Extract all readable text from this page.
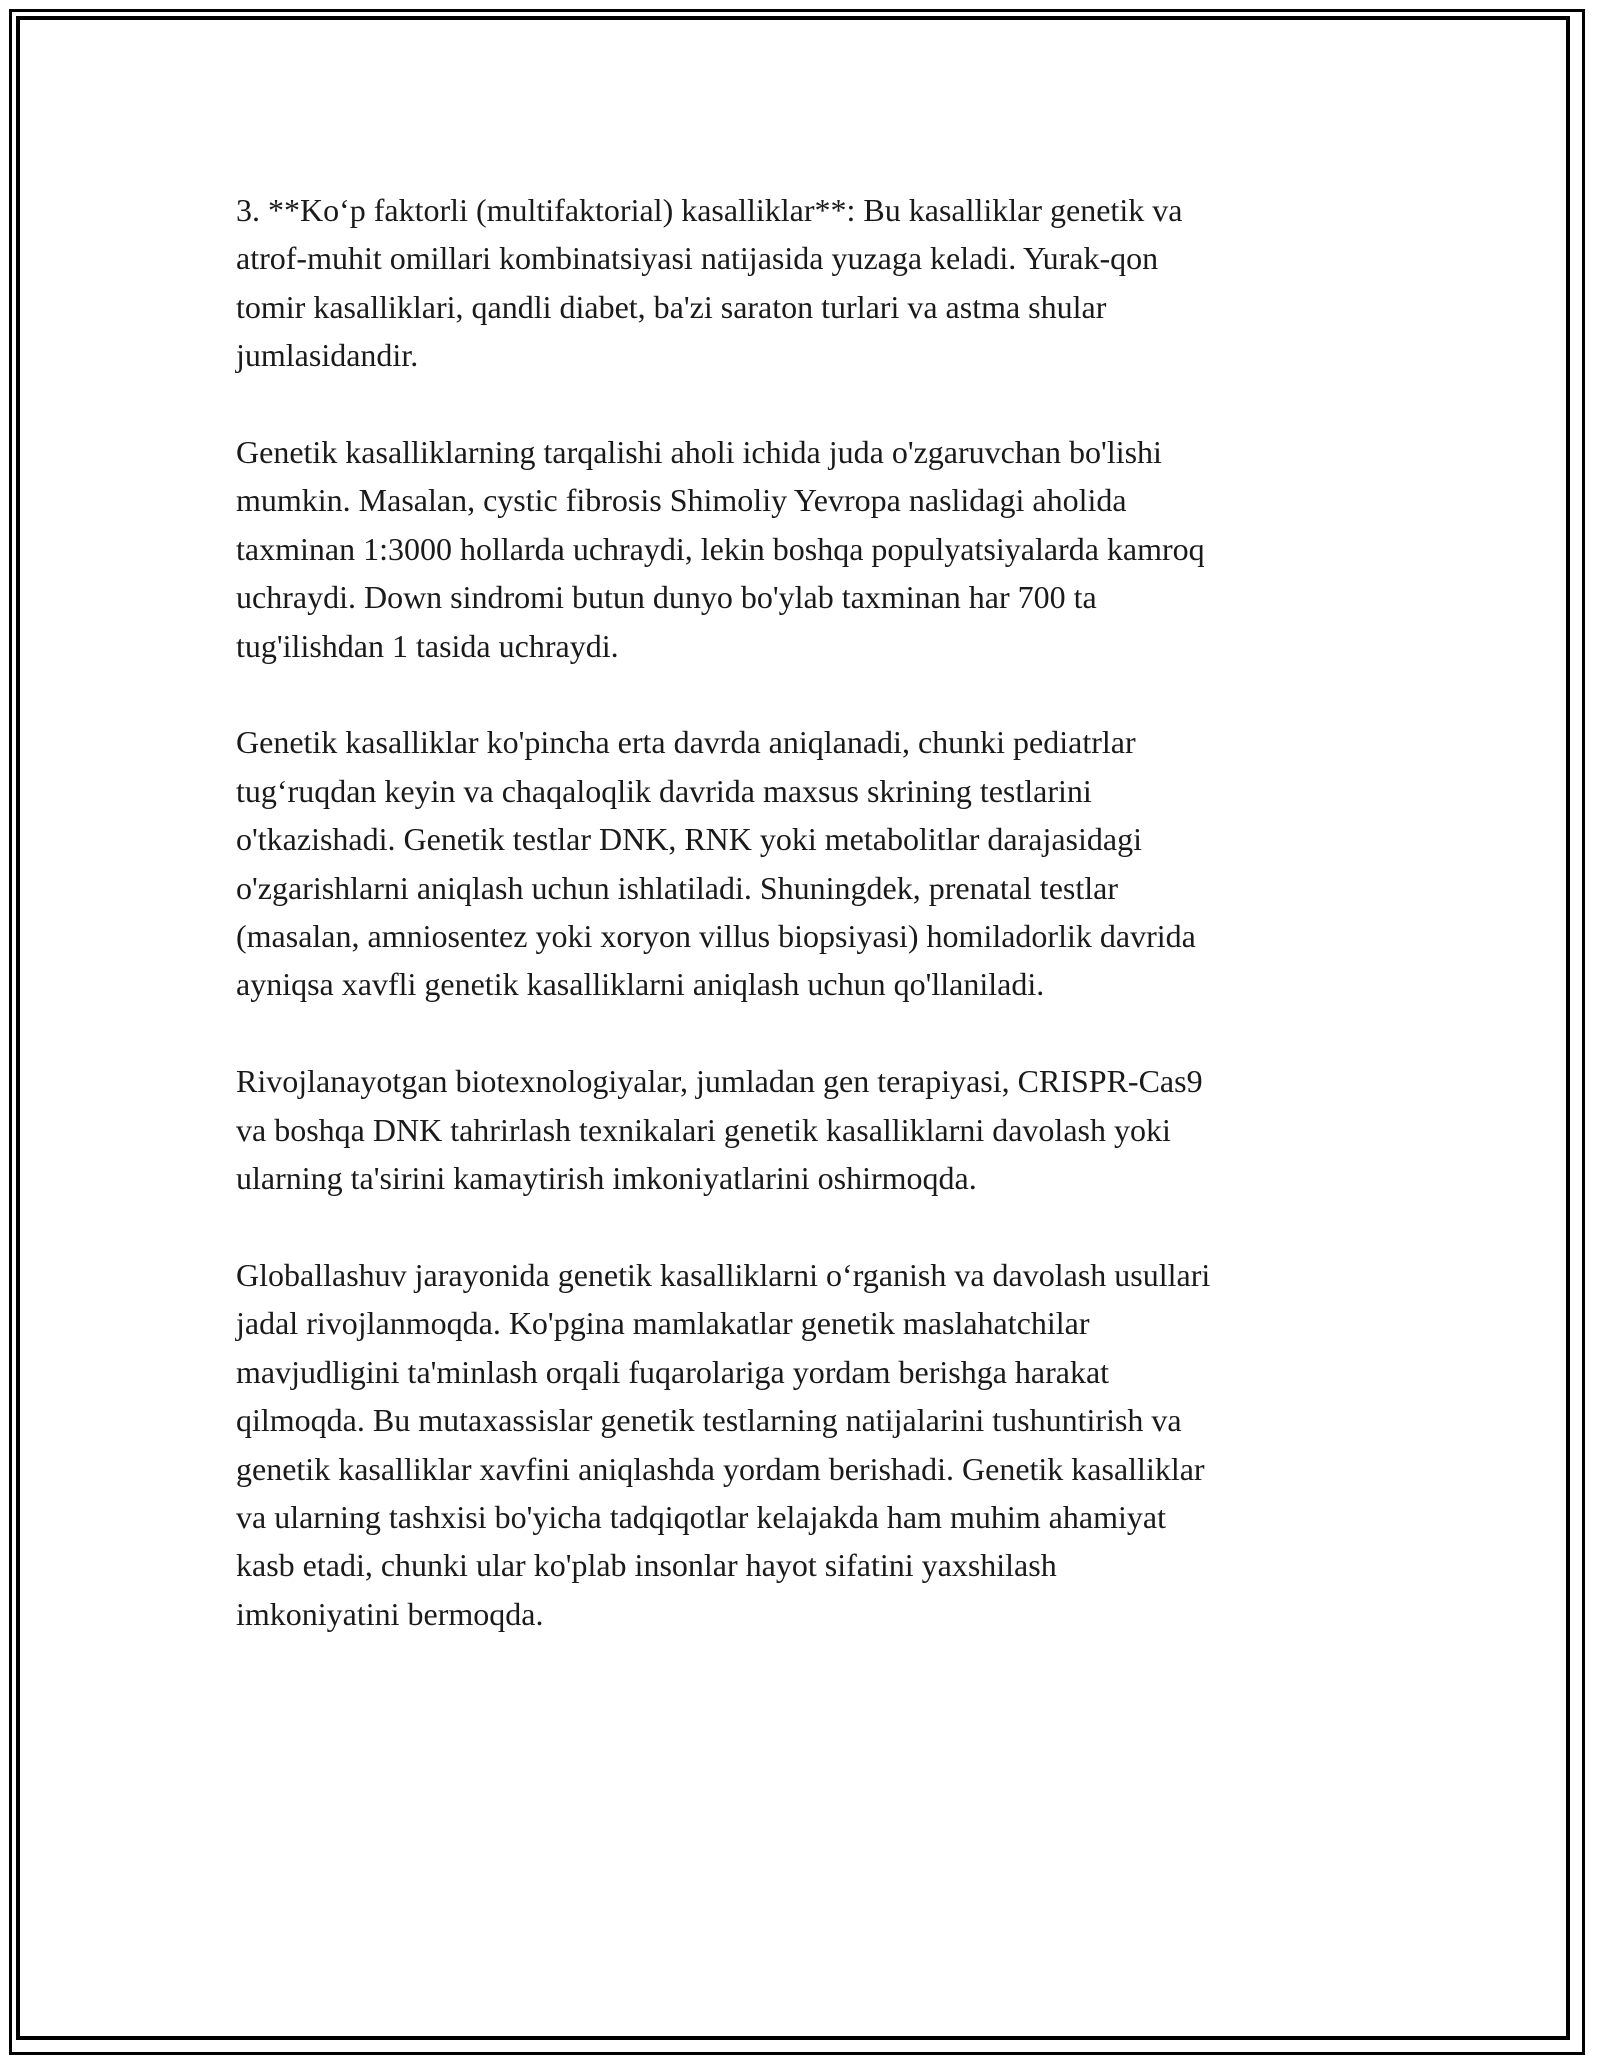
3. **Ko‘p faktorli (multifaktorial) kasalliklar**: Bu kasalliklar genetik va
atrof-muhit omillari kombinatsiyasi natijasida yuzaga keladi. Yurak-qon
tomir kasalliklari, qandli diabet, ba'zi saraton turlari va astma shular
jumlasidandir.

Genetik kasalliklarning tarqalishi aholi ichida juda o'zgaruvchan bo'lishi
mumkin. Masalan, cystic fibrosis Shimoliy Yevropa naslidagi aholida
taxminan 1:3000 hollarda uchraydi, lekin boshqa populyatsiyalarda kamroq
uchraydi. Down sindromi butun dunyo bo'ylab taxminan har 700 ta
tug'ilishdan 1 tasida uchraydi.

Genetik kasalliklar ko'pincha erta davrda aniqlanadi, chunki pediatrlar
tug‘ruqdan keyin va chaqaloqlik davrida maxsus skrining testlarini
o'tkazishadi. Genetik testlar DNK, RNK yoki metabolitlar darajasidagi
o'zgarishlarni aniqlash uchun ishlatiladi. Shuningdek, prenatal testlar
(masalan, amniosentez yoki xoryon villus biopsiyasi) homiladorlik davrida
ayniqsa xavfli genetik kasalliklarni aniqlash uchun qo'llaniladi.

Rivojlanayotgan biotexnologiyalar, jumladan gen terapiyasi, CRISPR-Cas9
va boshqa DNK tahrirlash texnikalari genetik kasalliklarni davolash yoki
ularning ta'sirini kamaytirish imkoniyatlarini oshirmoqda.

Globallashuv jarayonida genetik kasalliklarni o‘rganish va davolash usullari
jadal rivojlanmoqda. Ko'pgina mamlakatlar genetik maslahatchilar
mavjudligini ta'minlash orqali fuqarolariga yordam berishga harakat
qilmoqda. Bu mutaxassislar genetik testlarning natijalarini tushuntirish va
genetik kasalliklar xavfini aniqlashda yordam berishadi. Genetik kasalliklar
va ularning tashxisi bo'yicha tadqiqotlar kelajakda ham muhim ahamiyat
kasb etadi, chunki ular ko'plab insonlar hayot sifatini yaxshilash
imkoniyatini bermoqda.
